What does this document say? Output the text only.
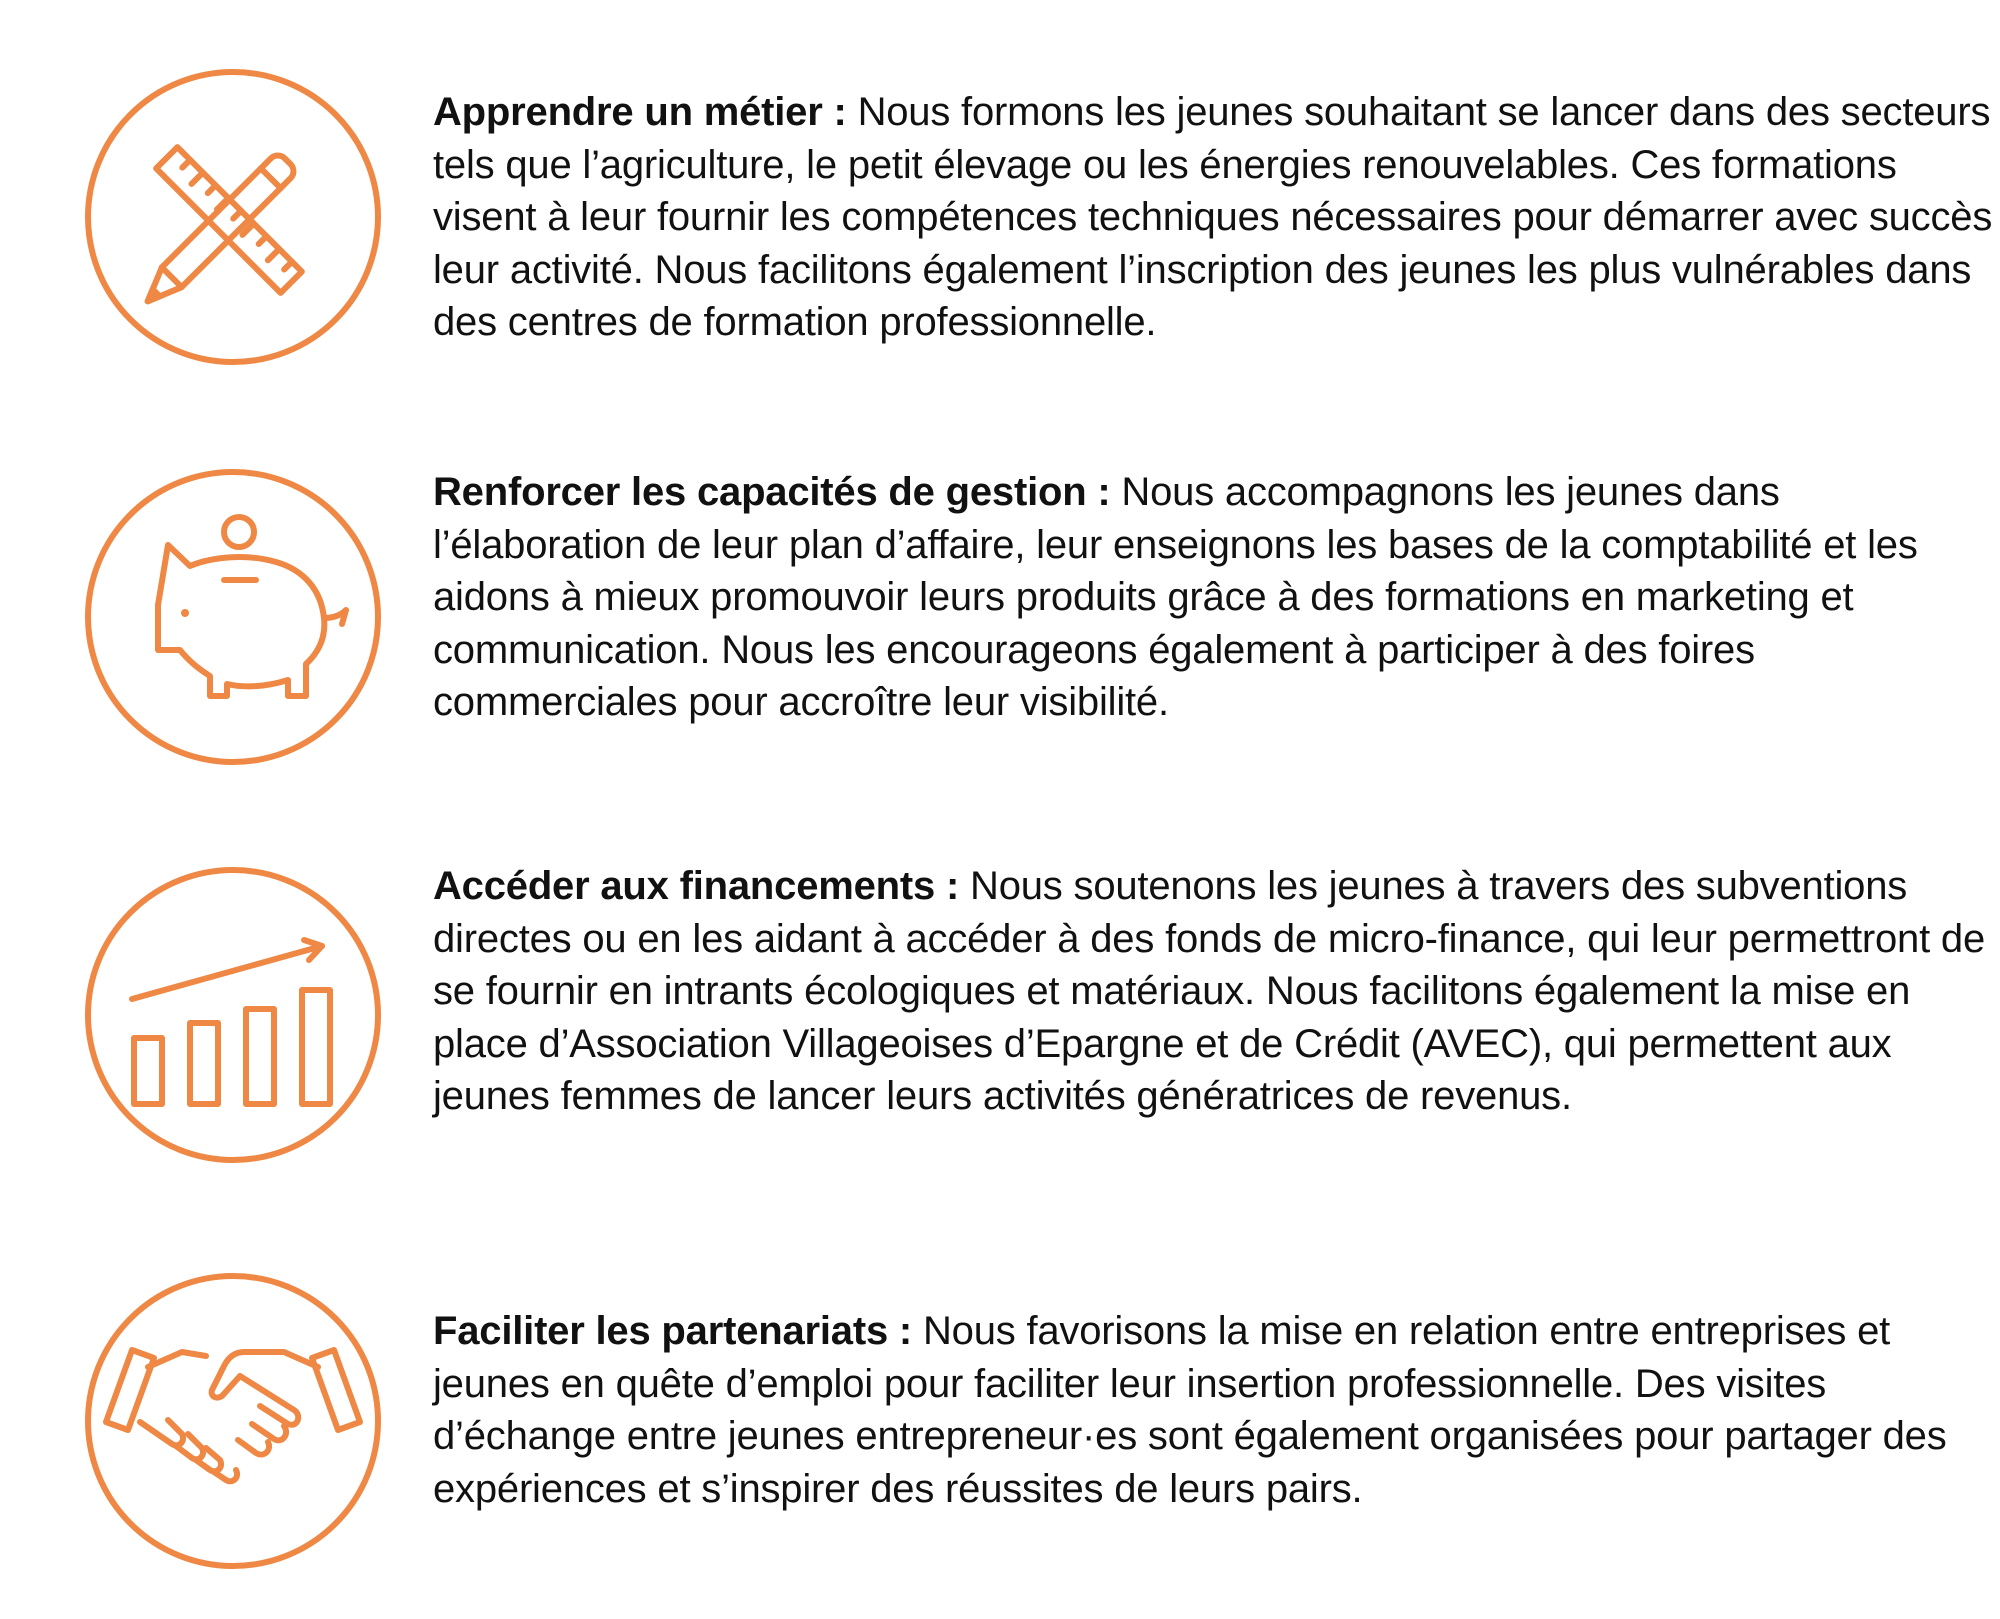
Apprendre un métier : Nous formons les jeunes souhaitant se lancer dans des secteurs tels que l’agriculture, le petit élevage ou les énergies renouvelables. Ces formations visent à leur fournir les compétences techniques nécessaires pour démarrer avec succès leur activité. Nous facilitons également l’inscription des jeunes les plus vulnérables dans des centres de formation professionnelle.

Renforcer les capacités de gestion : Nous accompagnons les jeunes dans l’élaboration de leur plan d’affaire, leur enseignons les bases de la comptabilité et les aidons à mieux promouvoir leurs produits grâce à des formations en marketing et communication. Nous les encourageons également à participer à des foires commerciales pour accroître leur visibilité.

Accéder aux financements : Nous soutenons les jeunes à travers des subventions directes ou en les aidant à accéder à des fonds de micro-finance, qui leur permettront de se fournir en intrants écologiques et matériaux. Nous facilitons également la mise en place d’Association Villageoises d’Epargne et de Crédit (AVEC), qui permettent aux jeunes femmes de lancer leurs activités génératrices de revenus.

Faciliter les partenariats : Nous favorisons la mise en relation entre entreprises et jeunes en quête d’emploi pour faciliter leur insertion professionnelle. Des visites d’échange entre jeunes entrepreneur·es sont également organisées pour partager des expériences et s’inspirer des réussites de leurs pairs.
